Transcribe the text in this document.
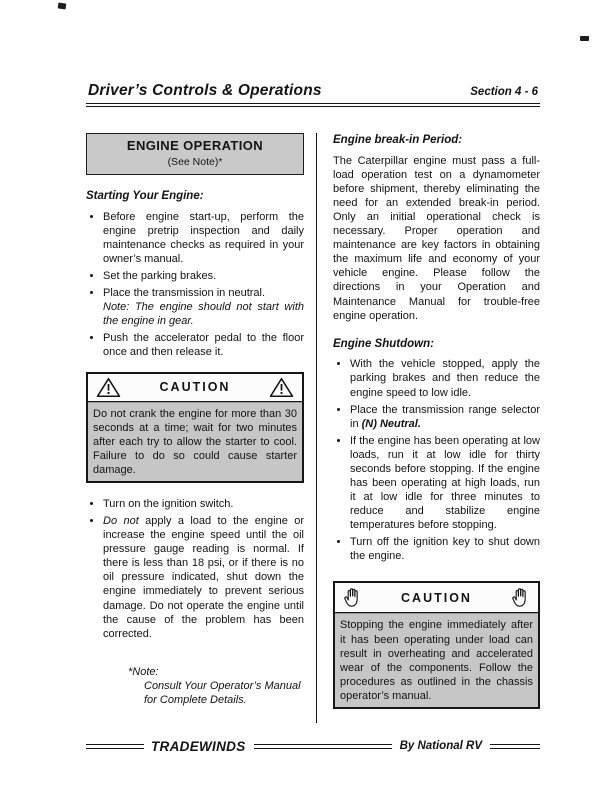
Driver’s Controls & Operations	Section 4 - 6
ENGINE OPERATION
(See Note)*
Starting Your Engine:
• Before engine start-up, perform the engine pretrip inspection and daily maintenance checks as required in your owner’s manual.
• Set the parking brakes.
• Place the transmission in neutral.
Note: The engine should not start with the engine in gear.
• Push the accelerator pedal to the floor once and then release it.
CAUTION
Do not crank the engine for more than 30 seconds at a time; wait for two minutes after each try to allow the starter to cool. Failure to do so could cause starter damage.
• Turn on the ignition switch.
• Do not apply a load to the engine or increase the engine speed until the oil pressure gauge reading is normal. If there is less than 18 psi, or if there is no oil pressure indicated, shut down the engine immediately to prevent serious damage. Do not operate the engine until the cause of the problem has been corrected.
*Note:
Consult Your Operator’s Manual for Complete Details.
Engine break-in Period:

The Caterpillar engine must pass a full-load operation test on a dynamometer before shipment, thereby eliminating the need for an extended break-in period. Only an initial operational check is necessary. Proper operation and maintenance are key factors in obtaining the maximum life and economy of your vehicle engine. Please follow the directions in your Operation and Maintenance Manual for trouble-free engine operation.

Engine Shutdown:
• With the vehicle stopped, apply the parking brakes and then reduce the engine speed to low idle.
• Place the transmission range selector in (N) Neutral.
• If the engine has been operating at low loads, run it at low idle for thirty seconds before stopping. If the engine has been operating at high loads, run it at low idle for three minutes to reduce and stabilize engine temperatures before stopping.
• Turn off the ignition key to shut down the engine.
CAUTION
Stopping the engine immediately after it has been operating under load can result in overheating and accelerated wear of the components. Follow the procedures as outlined in the chassis operator’s manual.
TRADEWINDS	By National RV
